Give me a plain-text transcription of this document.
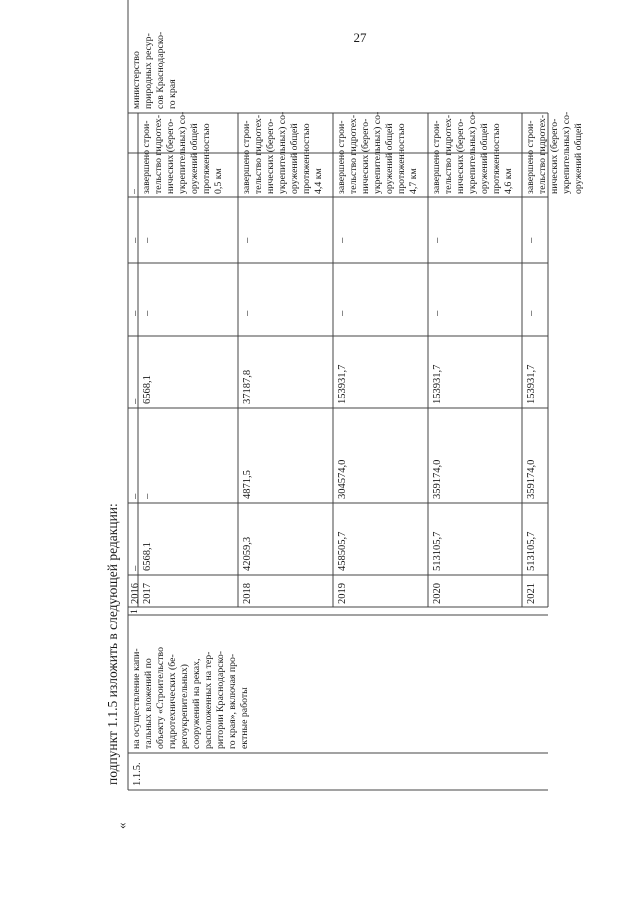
27
подпункт 1.1.5 изложить в следующей редакции:
«
1.1.5.
на осуществление капи- тальных вложений по объекту «Строительство гидротехнических (бе- регоукрепительных) сооружений на реках, расположенных на тер- ритории Краснодарско- го края», включая про- ектные работы
1
министерство природных ресур- сов Краснодарско- го края
2016
–
–
–
–
–
–
2017
6568,1
–
6568,1
–
–
завершено строи- тельство гидротех- нических (берего- укрепительных) со- оружений общей протяженностью 0,5 км
2018
42059,3
4871,5
37187,8
–
–
завершено строи- тельство гидротех- нических (берего- укрепительных) со- оружений общей протяженностью 4,4 км
2019
458505,7
304574,0
153931,7
–
–
завершено строи- тельство гидротех- нических (берего- укрепительных) со- оружений общей протяженностью 4,7 км
2020
513105,7
359174,0
153931,7
–
–
завершено строи- тельство гидротех- нических (берего- укрепительных) со- оружений общей протяженностью 4,6 км
2021
513105,7
359174,0
153931,7
–
–
завершено строи- тельство гидротех- нических (берего- укрепительных) со- оружений общей
